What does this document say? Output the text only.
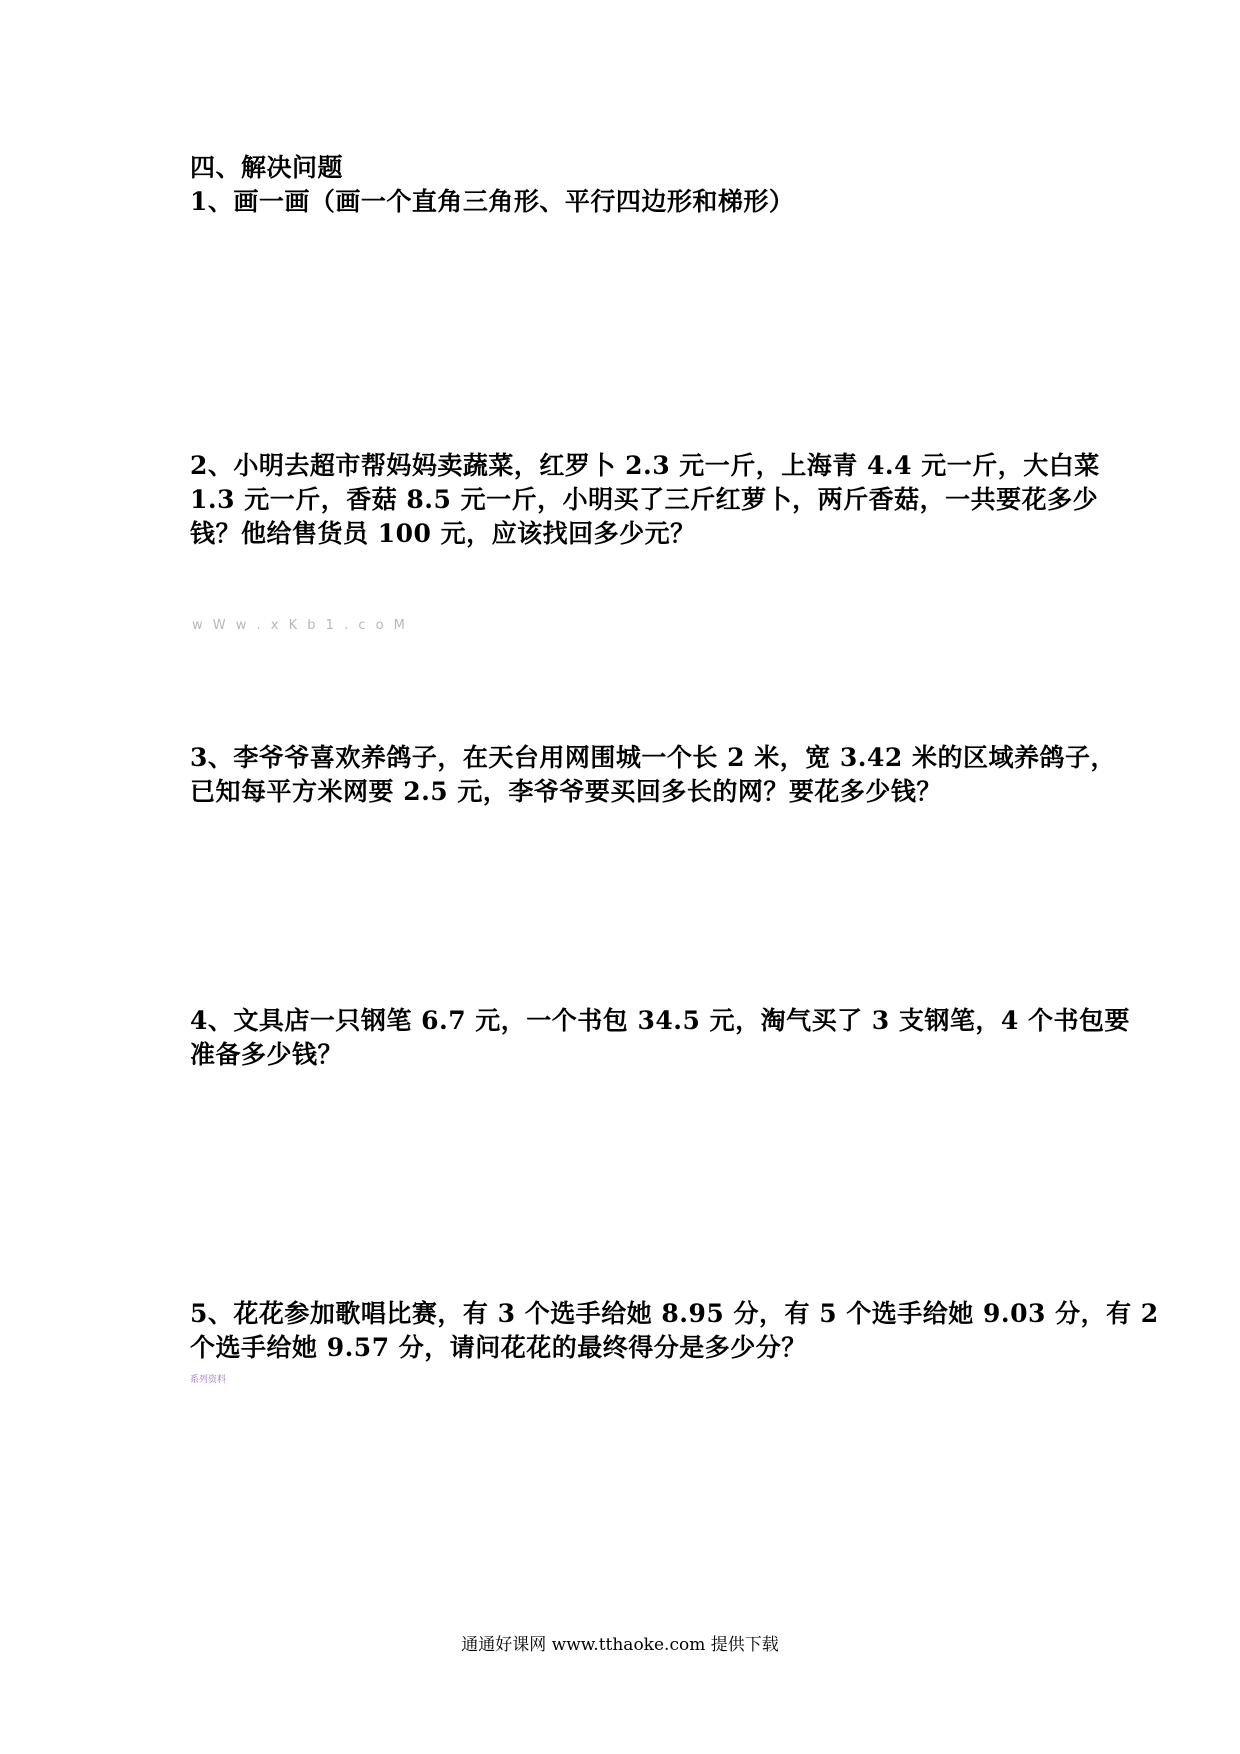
四、解决问题
1、画一画（画一个直角三角形、平行四边形和梯形）
2、小明去超市帮妈妈卖蔬菜，红罗卜 2.3 元一斤，上海青 4.4 元一斤，大白菜
1.3 元一斤，香菇 8.5 元一斤，小明买了三斤红萝卜，两斤香菇，一共要花多少
钱？他给售货员 100 元，应该找回多少元？
w W w . x K b 1 . c o M
3、李爷爷喜欢养鸽子，在天台用网围城一个长 2 米，宽 3.42 米的区域养鸽子，
已知每平方米网要 2.5 元，李爷爷要买回多长的网？要花多少钱？
4、文具店一只钢笔 6.7 元，一个书包 34.5 元，淘气买了 3 支钢笔，4 个书包要
准备多少钱？
5、花花参加歌唱比赛，有 3 个选手给她 8.95 分，有 5 个选手给她 9.03 分，有 2
个选手给她 9.57 分，请问花花的最终得分是多少分？
系列资料
通通好课网 www.tthaoke.com 提供下载
